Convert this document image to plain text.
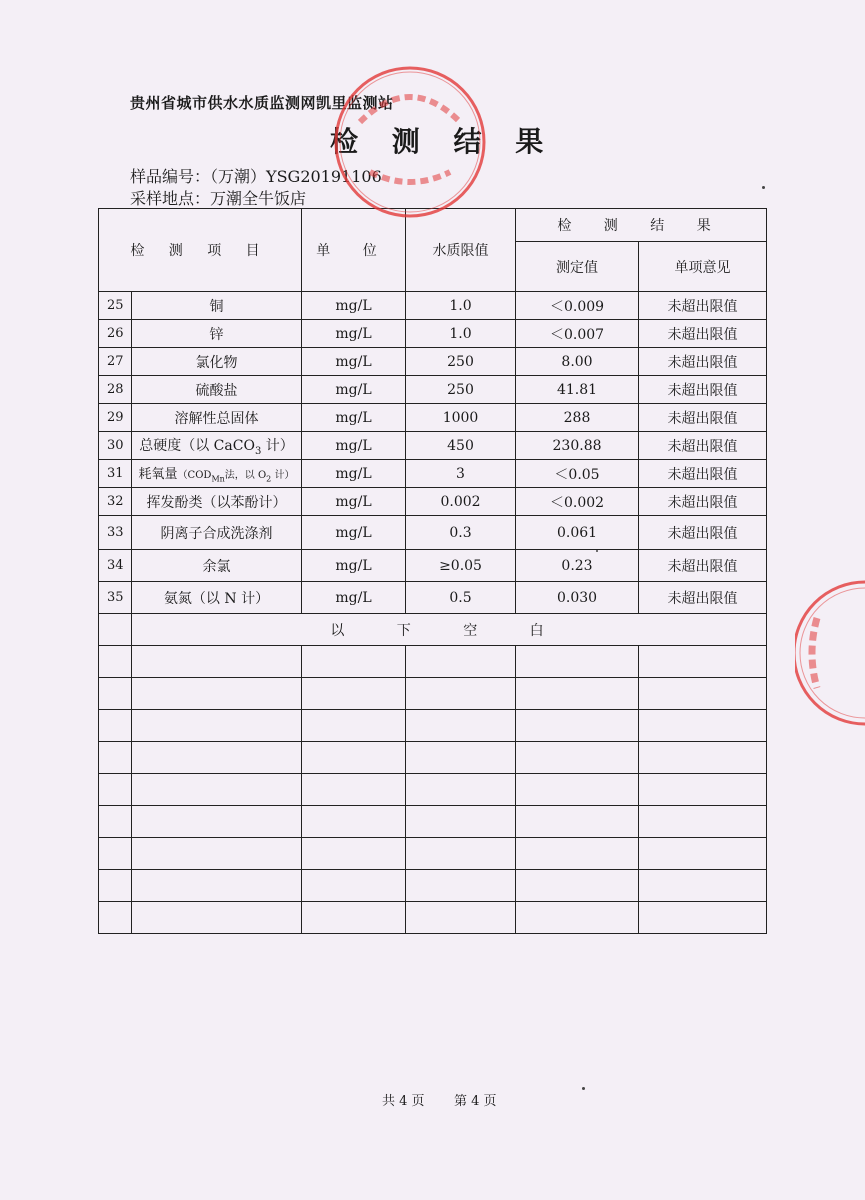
贵州省城市供水水质监测网凯里监测站
检 测 结 果
样品编号：（万潮）YSG20191106
采样地点：万潮全牛饭店
检 测 项 目		单 位	水质限值	检 测 结 果	
				测定值	单项意见
25	铜	mg/L	1.0	＜0.009	未超出限值
26	锌	mg/L	1.0	＜0.007	未超出限值
27	氯化物	mg/L	250	8.00	未超出限值
28	硫酸盐	mg/L	250	41.81	未超出限值
29	溶解性总固体	mg/L	1000	288	未超出限值
30	总硬度（以 CaCO$_3$ 计）	mg/L	450	230.88	未超出限值
31	耗氧量（$COD_{Mn}$法，以 $O_2$ 计）	mg/L	3	＜0.05	未超出限值
32	挥发酚类（以苯酚计）	mg/L	0.002	＜0.002	未超出限值
33	阴离子合成洗涤剂	mg/L	0.3	0.061	未超出限值
34	余氯	mg/L	≥0.05	0.23	未超出限值
35	氨氮（以 N 计）	mg/L	0.5	0.030	未超出限值
	以 下 空 白				

共 4 页 第 4 页
